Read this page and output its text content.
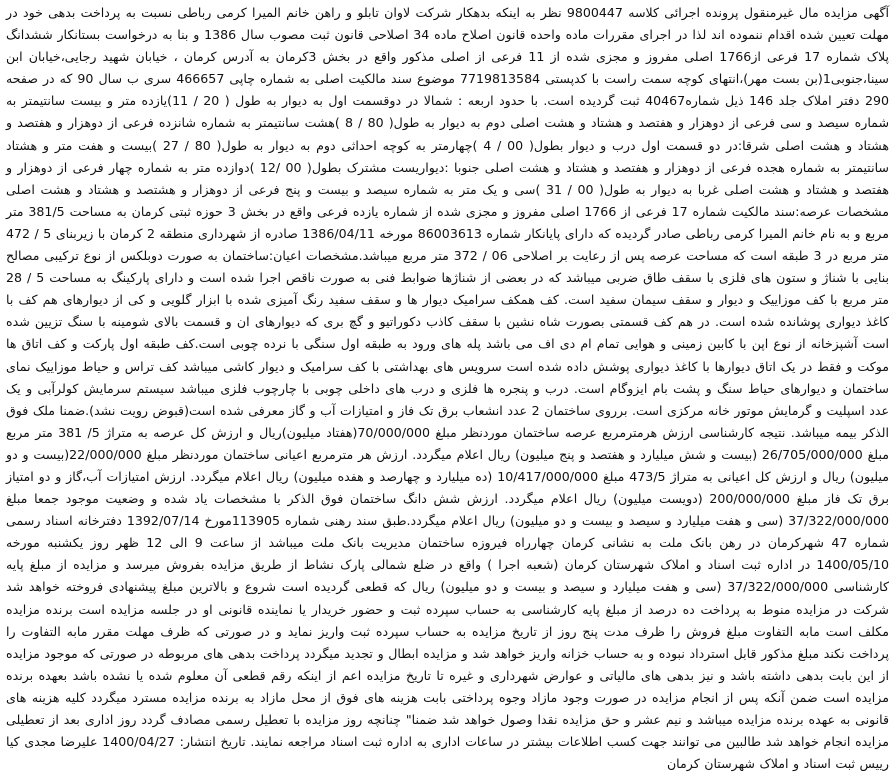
آگهی مزایده مال غیرمنقول پرونده اجرائی کلاسه 9800447 نظر به اینکه بدهکار شرکت لاوان تابلو و راهن خانم المیرا کرمی رباطی نسبت به پرداخت بدهی خود در مهلت تعیین شده اقدام ننموده اند لذا در اجرای مقررات ماده واحده قانون اصلاح ماده 34 اصلاحی قانون ثبت مصوب سال 1386 و بنا به درخواست بستانکار ششدانگ پلاک شماره 17 فرعی از1766 اصلی مفروز و مجزی شده از 11 فرعی از اصلی مذکور واقع در بخش 3کرمان به آدرس کرمان ، خیابان شهید رجایی،خیابان ابن سینا،جنوبی1(بن بست مهر)،انتهای کوچه سمت راست با کدپستی 7719813584 موضوع سند مالکیت اصلی به شماره چاپی 466657 سری ب سال 90 که در صفحه 290 دفتر املاک جلد 146 ذیل شماره40467 ثبت گردیده است. با حدود اربعه : شمالا در دوقسمت اول به دیوار به طول ( 20 / 11)یازده متر و بیست سانتیمتر به شماره سیصد و سی فرعی از دوهزار و هفتصد و هشتاد و هشت اصلی دوم به دیوار به طول( 80 / 8 )هشت سانتیمتر به شماره شانزده فرعی از دوهزار و هفتصد و هشتاد و هشت اصلی شرقا:در دو قسمت اول درب و دیوار بطول( 00 / 4 )چهارمتر به کوچه احداثی دوم به دیوار به طول( 80 / 27 )بیست و هفت متر و هشتاد سانتیمتر به شماره هجده فرعی از دوهزار و هفتصد و هشتاد و هشت اصلی جنوبا :دیواریست مشترک بطول( 00 /12 )دوازده متر به شماره چهار فرعی از دوهزار و هفتصد و هشتاد و هشت اصلی غربا به دیوار به طول( 00 / 31 )سی و یک متر به شماره سیصد و بیست و پنج فرعی از دوهزار و هشتصد و هشتاد و هشت اصلی مشخصات عرصه:سند مالکیت شماره 17 فرعی از 1766 اصلی مفروز و مجزی شده از شماره یازده فرعی واقع در بخش 3 حوزه ثبتی کرمان به مساحت 381/5 متر مربع و به نام خانم المیرا کرمی رباطی صادر گردیده که دارای پایانکار شماره 86003613 مورخه 1386/04/11 صادره از شهرداری منطقه 2 کرمان با زیربنای 5 / 472 متر مربع در 3 طبقه است که مساحت عرصه پس از رعایت بر اصلاحی 06 / 372 متر مربع میباشد.مشخصات اعیان:ساختمان به صورت دوبلکس از نوع ترکیبی مصالح بنایی با شناژ و ستون های فلزی با سقف طاق ضربی میباشد که در بعضی از شناژها ضوابط فنی به صورت ناقص اجرا شده است و دارای پارکینگ به مساحت 5 / 28 متر مربع با کف موزاییک و دیوار و سقف سیمان سفید است. کف همکف سرامیک دیوار ها و سقف سفید رنگ آمیزی شده با ابزار گلویی و کی از دیوارهای هم کف با کاغذ دیواری پوشانده شده است. در هم کف قسمتی بصورت شاه نشین با سقف کاذب دکوراتیو و گچ بری که دیوارهای ان و قسمت بالای شومینه با سنگ تزیین شده است آشپزخانه از نوع اپن با کابین زمینی و هوایی تمام ام دی اف می باشد پله های ورود به طبقه اول سنگی با نرده چوبی است.کف طبقه اول پارکت و کف اتاق ها موکت و فقط در یک اتاق دیوارها با کاغذ دیواری پوشش داده شده است سرویس های بهداشتی با کف سرامیک و دیوار کاشی میباشد کف تراس و حیاط موزاییک نمای ساختمان و دیوارهای حیاط سنگ و پشت بام ایزوگام است. درب و پنجره ها فلزی و درب های داخلی چوبی با چارچوب فلزی میباشد سیستم سرمایش کولرآبی و یک عدد اسپلیت و گرمایش موتور خانه مرکزی است. برروی ساختمان 2 عدد انشعاب برق تک فاز و امتیازات آب و گاز معرفی شده است(قبوض رویت نشد).ضمنا ملک فوق الذکر بیمه میباشد. نتیجه کارشناسی ارزش هرمترمربع عرصه ساختمان موردنظر مبلغ 70/000/000(هفتاد میلیون)ریال و ارزش کل عرصه به متراژ 5/ 381 متر مربع مبلغ 26/705/000/000 (بیست و شش میلیارد و هفتصد و پنج میلیون) ریال اعلام میگردد. ارزش هر مترمربع اعیانی ساختمان موردنظر مبلغ 22/000/000(بیست و دو میلیون) ریال و ارزش کل اعیانی به متراژ 473/5 مبلغ 10/417/000/000 (ده میلیارد و چهارصد و هفده میلیون) ریال اعلام میگردد. ارزش امتیازات آب،گاز و دو امتیاز برق تک فاز مبلغ 200/000/000 (دویست میلیون) ریال اعلام میگردد. ارزش شش دانگ ساختمان فوق الذکر با مشخصات یاد شده و وضعیت موجود جمعا مبلغ 37/322/000/000 (سی و هفت میلیارد و سیصد و بیست و دو میلیون) ریال اعلام میگردد.طبق سند رهنی شماره 113905مورخ 1392/07/14 دفترخانه اسناد رسمی شماره 47 شهرکرمان در رهن بانک ملت به نشانی کرمان چهارراه فیروزه ساختمان مدیریت بانک ملت میباشد از ساعت 9 الی 12 ظهر روز یکشنبه مورخه 1400/05/10 در اداره ثبت اسناد و املاک شهرستان کرمان (شعبه اجرا ) واقع در ضلع شمالی پارک نشاط از طریق مزایده بفروش میرسد و مزایده از مبلغ پایه کارشناسی 37/322/000/000 (سی و هفت میلیارد و سیصد و بیست و دو میلیون) ریال که قطعی گردیده است شروع و بالاترین مبلغ پیشنهادی فروخته خواهد شد شرکت در مزایده منوط به پرداخت ده درصد از مبلغ پایه کارشناسی به حساب سپرده ثبت و حضور خریدار یا نماینده قانونی او در جلسه مزایده است برنده مزایده مکلف است مابه التفاوت مبلغ فروش را ظرف مدت پنج روز از تاریخ مزایده به حساب سپرده ثبت واریز نماید و در صورتی که ظرف مهلت مقرر مابه التفاوت را پرداخت نکند مبلغ مذکور قابل استرداد نبوده و به حساب خزانه واریز خواهد شد و مزایده ابطال و تجدید میگردد پرداخت بدهی های مربوطه در صورتی که موجود مزایده از این بابت بدهی داشته باشد و نیز بدهی های مالیاتی و عوارض شهرداری و غیره تا تاریخ مزایده اعم از اینکه رقم قطعی آن معلوم شده یا نشده باشد بعهده برنده مزایده است ضمن آنکه پس از انجام مزایده در صورت وجود مازاد وجوه پرداختی بابت هزینه های فوق از محل مازاد به برنده مزایده مسترد میگردد کلیه هزینه های قانونی به عهده برنده مزایده میباشد و نیم عشر و حق مزایده نقدا وصول خواهد شد ضمنا" چنانچه روز مزایده با تعطیل رسمی مصادف گردد روز اداری بعد از تعطیلی مزایده انجام خواهد شد طالبین می توانند جهت کسب اطلاعات بیشتر در ساعات اداری به اداره ثبت اسناد مراجعه نمایند. تاریخ انتشار: 1400/04/27 علیرضا مجدی کیا رییس ثبت اسناد و املاک شهرستان کرمان
